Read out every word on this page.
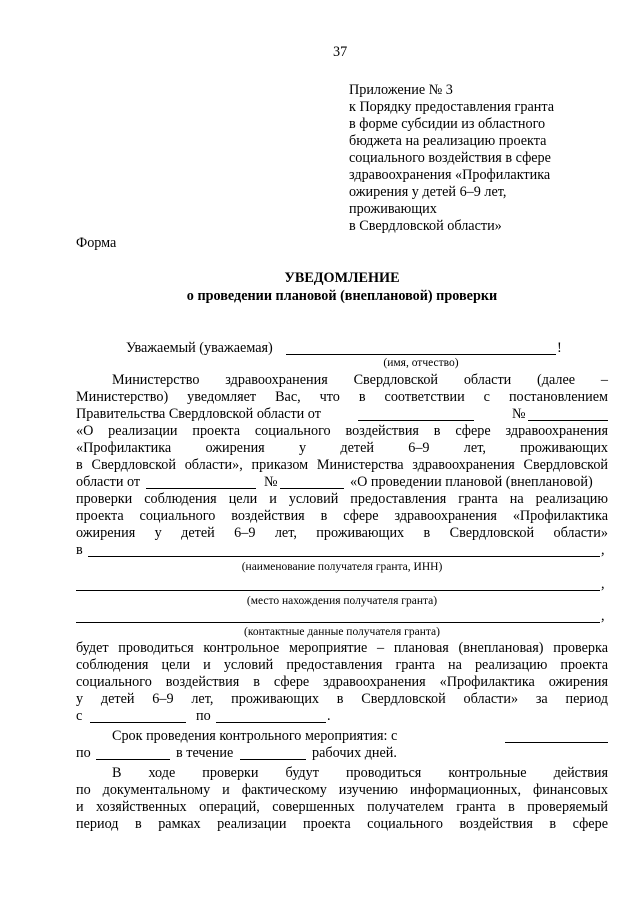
37
Приложение № 3
к Порядку предоставления гранта
в форме субсидии из областного
бюджета на реализацию проекта
социального воздействия в сфере
здравоохранения «Профилактика
ожирения у детей 6–9 лет,
проживающих
в Свердловской области»
Форма
УВЕДОМЛЕНИЕ
о проведении плановой (внеплановой) проверки
Уважаемый (уважаемая)	!
(имя, отчество)
Министерство здравоохранения Свердловской области (далее –
Министерство) уведомляет Вас, что в соответствии с постановлением
Правительства Свердловской области от	№
«О реализации проекта социального воздействия в сфере здравоохранения
«Профилактика ожирения у детей 6–9 лет, проживающих
в Свердловской области», приказом Министерства здравоохранения Свердловской
области от	№	«О проведении плановой (внеплановой)
проверки соблюдения цели и условий предоставления гранта на реализацию
проекта социального воздействия в сфере здравоохранения «Профилактика
ожирения у детей 6–9 лет, проживающих в Свердловской области»
в	,
(наименование получателя гранта, ИНН)
,
(место нахождения получателя гранта)
,
(контактные данные получателя гранта)
будет проводиться контрольное мероприятие – плановая (внеплановая) проверка
соблюдения цели и условий предоставления гранта на реализацию проекта
социального воздействия в сфере здравоохранения «Профилактика ожирения
у детей 6–9 лет, проживающих в Свердловской области» за период
с	по	.
Срок проведения контрольного мероприятия: с
по	в течение	рабочих дней.
В ходе проверки будут проводиться контрольные действия
по документальному и фактическому изучению информационных, финансовых
и хозяйственных операций, совершенных получателем гранта в проверяемый
период в рамках реализации проекта социального воздействия в сфере
